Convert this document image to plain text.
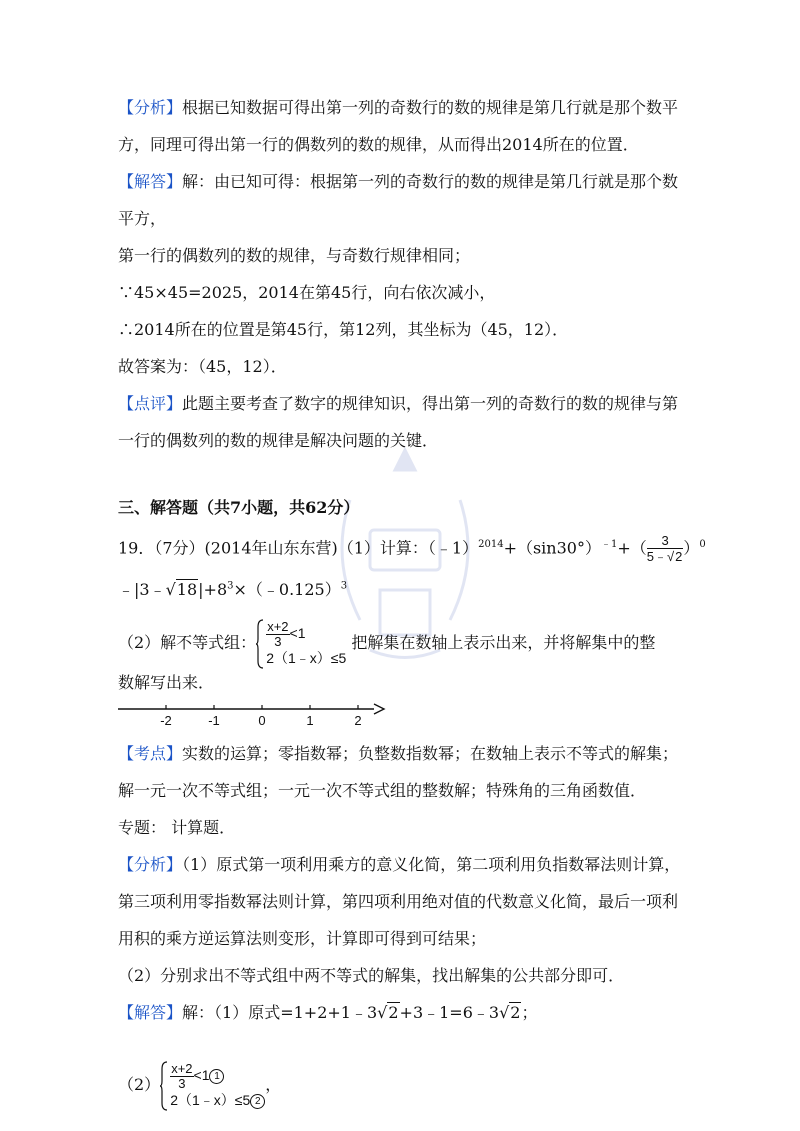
【分析】根据已知数据可得出第一列的奇数行的数的规律是第几行就是那个数平

方，同理可得出第一行的偶数列的数的规律，从而得出2014所在的位置．

【解答】解：由已知可得：根据第一列的奇数行的数的规律是第几行就是那个数

平方，

第一行的偶数列的数的规律，与奇数行规律相同；

∵45×45=2025，2014在第45行，向右依次减小，

∴2014所在的位置是第45行，第12列，其坐标为（45，12）．

故答案为：（45，12）．

【点评】此题主要考查了数字的规律知识，得出第一列的奇数行的数的规律与第

一行的偶数列的数的规律是解决问题的关键．

三、解答题（共7小题，共62分）

19．（7分）(2014年山东东营)（1）计算：$(﹣1)^{2014}+(\sin 30^\circ)^{﹣1}+( \frac{3}{5﹣√2} )^0$

$﹣|3﹣√18|+8^3\times(﹣0.125)^3$

（2）解不等式组： $\frac{x+2}{3} <1$
2（1﹣x）≤5
把解集在数轴上表示出来，并将解集中的整

数解写出来．

-2	-1	0	1	2

【考点】实数的运算；零指数幂；负整数指数幂；在数轴上表示不等式的解集；

解一元一次不等式组；一元一次不等式组的整数解；特殊角的三角函数值．

专题： 计算题．

【分析】（1）原式第一项利用乘方的意义化简，第二项利用负指数幂法则计算，

第三项利用零指数幂法则计算，第四项利用绝对值的代数意义化简，最后一项利

用积的乘方逆运算法则变形，计算即可得到可结果；

（2）分别求出不等式组中两不等式的解集，找出解集的公共部分即可．

【解答】解：（1）原式=1+2+1﹣3√2+3﹣1=6﹣3√2；

$(2) \frac{x+2}{3} <1$ 1
2（1﹣x）≤5 2
，
